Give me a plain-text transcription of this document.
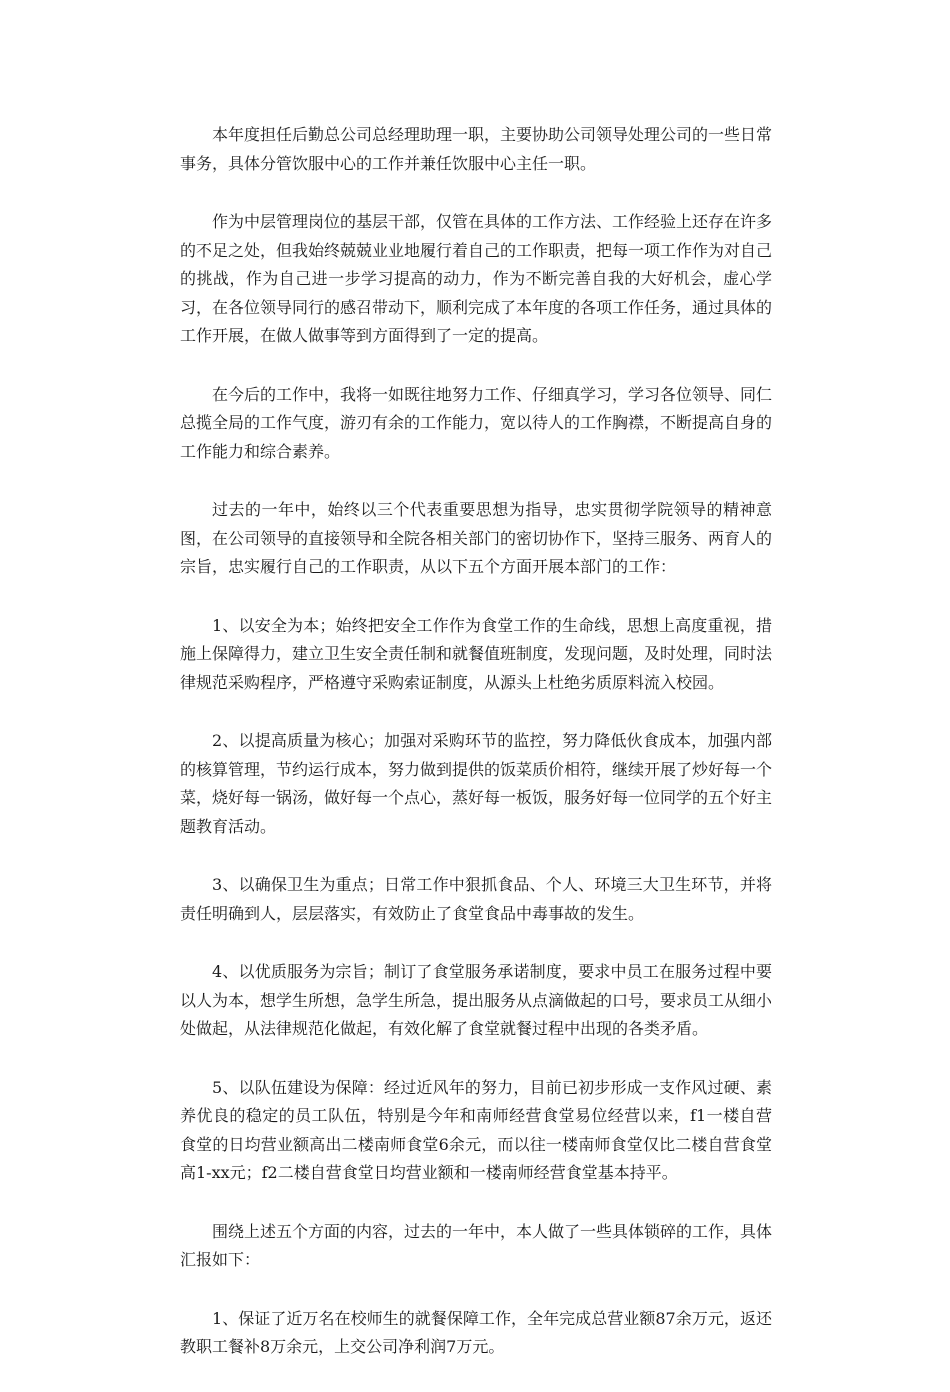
本年度担任后勤总公司总经理助理一职，主要协助公司领导处理公司的一些日常事务，具体分管饮服中心的工作并兼任饮服中心主任一职。

作为中层管理岗位的基层干部，仅管在具体的工作方法、工作经验上还存在许多的不足之处，但我始终兢兢业业地履行着自己的工作职责，把每一项工作作为对自己的挑战，作为自己进一步学习提高的动力，作为不断完善自我的大好机会，虚心学习，在各位领导同行的感召带动下，顺利完成了本年度的各项工作任务，通过具体的工作开展，在做人做事等到方面得到了一定的提高。

在今后的工作中，我将一如既往地努力工作、仔细真学习，学习各位领导、同仁总揽全局的工作气度，游刃有余的工作能力，宽以待人的工作胸襟，不断提高自身的工作能力和综合素养。

过去的一年中，始终以三个代表重要思想为指导，忠实贯彻学院领导的精神意图，在公司领导的直接领导和全院各相关部门的密切协作下，坚持三服务、两育人的宗旨，忠实履行自己的工作职责，从以下五个方面开展本部门的工作：

1、以安全为本；始终把安全工作作为食堂工作的生命线，思想上高度重视，措施上保障得力，建立卫生安全责任制和就餐值班制度，发现问题，及时处理，同时法律规范采购程序，严格遵守采购索证制度，从源头上杜绝劣质原料流入校园。

2、以提高质量为核心；加强对采购环节的监控，努力降低伙食成本，加强内部的核算管理，节约运行成本，努力做到提供的饭菜质价相符，继续开展了炒好每一个菜，烧好每一锅汤，做好每一个点心，蒸好每一板饭，服务好每一位同学的五个好主题教育活动。

3、以确保卫生为重点；日常工作中狠抓食品、个人、环境三大卫生环节，并将责任明确到人，层层落实，有效防止了食堂食品中毒事故的发生。

4、以优质服务为宗旨；制订了食堂服务承诺制度，要求中员工在服务过程中要以人为本，想学生所想，急学生所急，提出服务从点滴做起的口号，要求员工从细小处做起，从法律规范化做起，有效化解了食堂就餐过程中出现的各类矛盾。

5、以队伍建设为保障：经过近风年的努力，目前已初步形成一支作风过硬、素养优良的稳定的员工队伍，特别是今年和南师经营食堂易位经营以来，f1一楼自营食堂的日均营业额高出二楼南师食堂6余元，而以往一楼南师食堂仅比二楼自营食堂高1-xx元；f2二楼自营食堂日均营业额和一楼南师经营食堂基本持平。

围绕上述五个方面的内容，过去的一年中，本人做了一些具体锁碎的工作，具体汇报如下：

1、保证了近万名在校师生的就餐保障工作，全年完成总营业额87余万元，返还教职工餐补8万余元，上交公司净利润7万元。
